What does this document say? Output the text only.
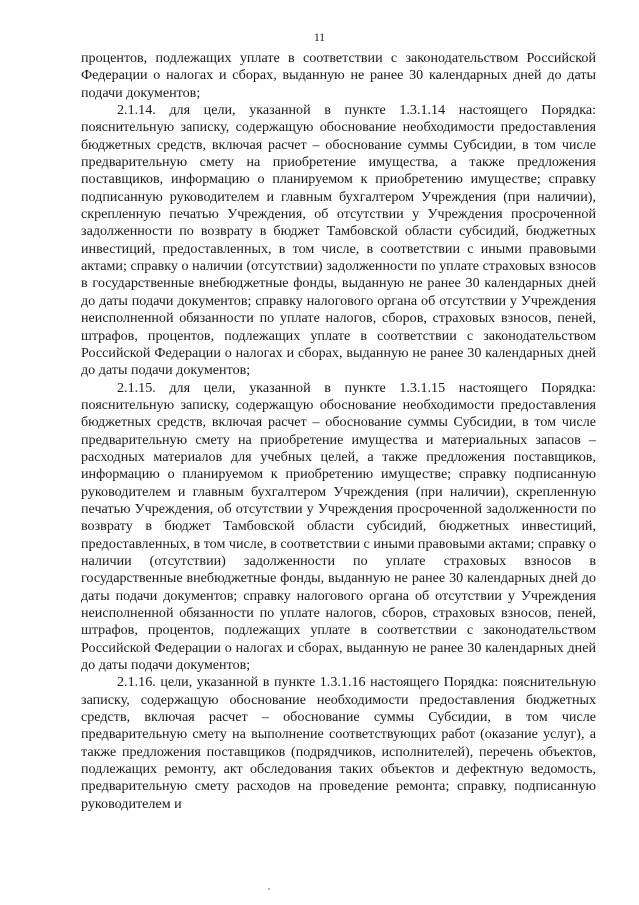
11

процентов, подлежащих уплате в соответствии с законодательством Российской Федерации о налогах и сборах, выданную не ранее 30 календарных дней до даты подачи документов;

2.1.14. для цели, указанной в пункте 1.3.1.14 настоящего Порядка: пояснительную записку, содержащую обоснование необходимости предоставления бюджетных средств, включая расчет – обоснование суммы Субсидии, в том числе предварительную смету на приобретение имущества, а также предложения поставщиков, информацию о планируемом к приобретению имуществе; справку подписанную руководителем и главным бухгалтером Учреждения (при наличии), скрепленную печатью Учреждения, об отсутствии у Учреждения просроченной задолженности по возврату в бюджет Тамбовской области субсидий, бюджетных инвестиций, предоставленных, в том числе, в соответствии с иными правовыми актами; справку о наличии (отсутствии) задолженности по уплате страховых взносов в государственные внебюджетные фонды, выданную не ранее 30 календарных дней до даты подачи документов; справку налогового органа об отсутствии у Учреждения неисполненной обязанности по уплате налогов, сборов, страховых взносов, пеней, штрафов, процентов, подлежащих уплате в соответствии с законодательством Российской Федерации о налогах и сборах, выданную не ранее 30 календарных дней до даты подачи документов;

2.1.15. для цели, указанной в пункте 1.3.1.15 настоящего Порядка: пояснительную записку, содержащую обоснование необходимости предоставления бюджетных средств, включая расчет – обоснование суммы Субсидии, в том числе предварительную смету на приобретение имущества и материальных запасов – расходных материалов для учебных целей, а также предложения поставщиков, информацию о планируемом к приобретению имуществе; справку подписанную руководителем и главным бухгалтером Учреждения (при наличии), скрепленную печатью Учреждения, об отсутствии у Учреждения просроченной задолженности по возврату в бюджет Тамбовской области субсидий, бюджетных инвестиций, предоставленных, в том числе, в соответствии с иными правовыми актами; справку о наличии (отсутствии) задолженности по уплате страховых взносов в государственные внебюджетные фонды, выданную не ранее 30 календарных дней до даты подачи документов; справку налогового органа об отсутствии у Учреждения неисполненной обязанности по уплате налогов, сборов, страховых взносов, пеней, штрафов, процентов, подлежащих уплате в соответствии с законодательством Российской Федерации о налогах и сборах, выданную не ранее 30 календарных дней до даты подачи документов;

2.1.16. цели, указанной в пункте 1.3.1.16 настоящего Порядка: пояснительную записку, содержащую обоснование необходимости предоставления бюджетных средств, включая расчет – обоснование суммы Субсидии, в том числе предварительную смету на выполнение соответствующих работ (оказание услуг), а также предложения поставщиков (подрядчиков, исполнителей), перечень объектов, подлежащих ремонту, акт обследования таких объектов и дефектную ведомость, предварительную смету расходов на проведение ремонта; справку, подписанную руководителем и
